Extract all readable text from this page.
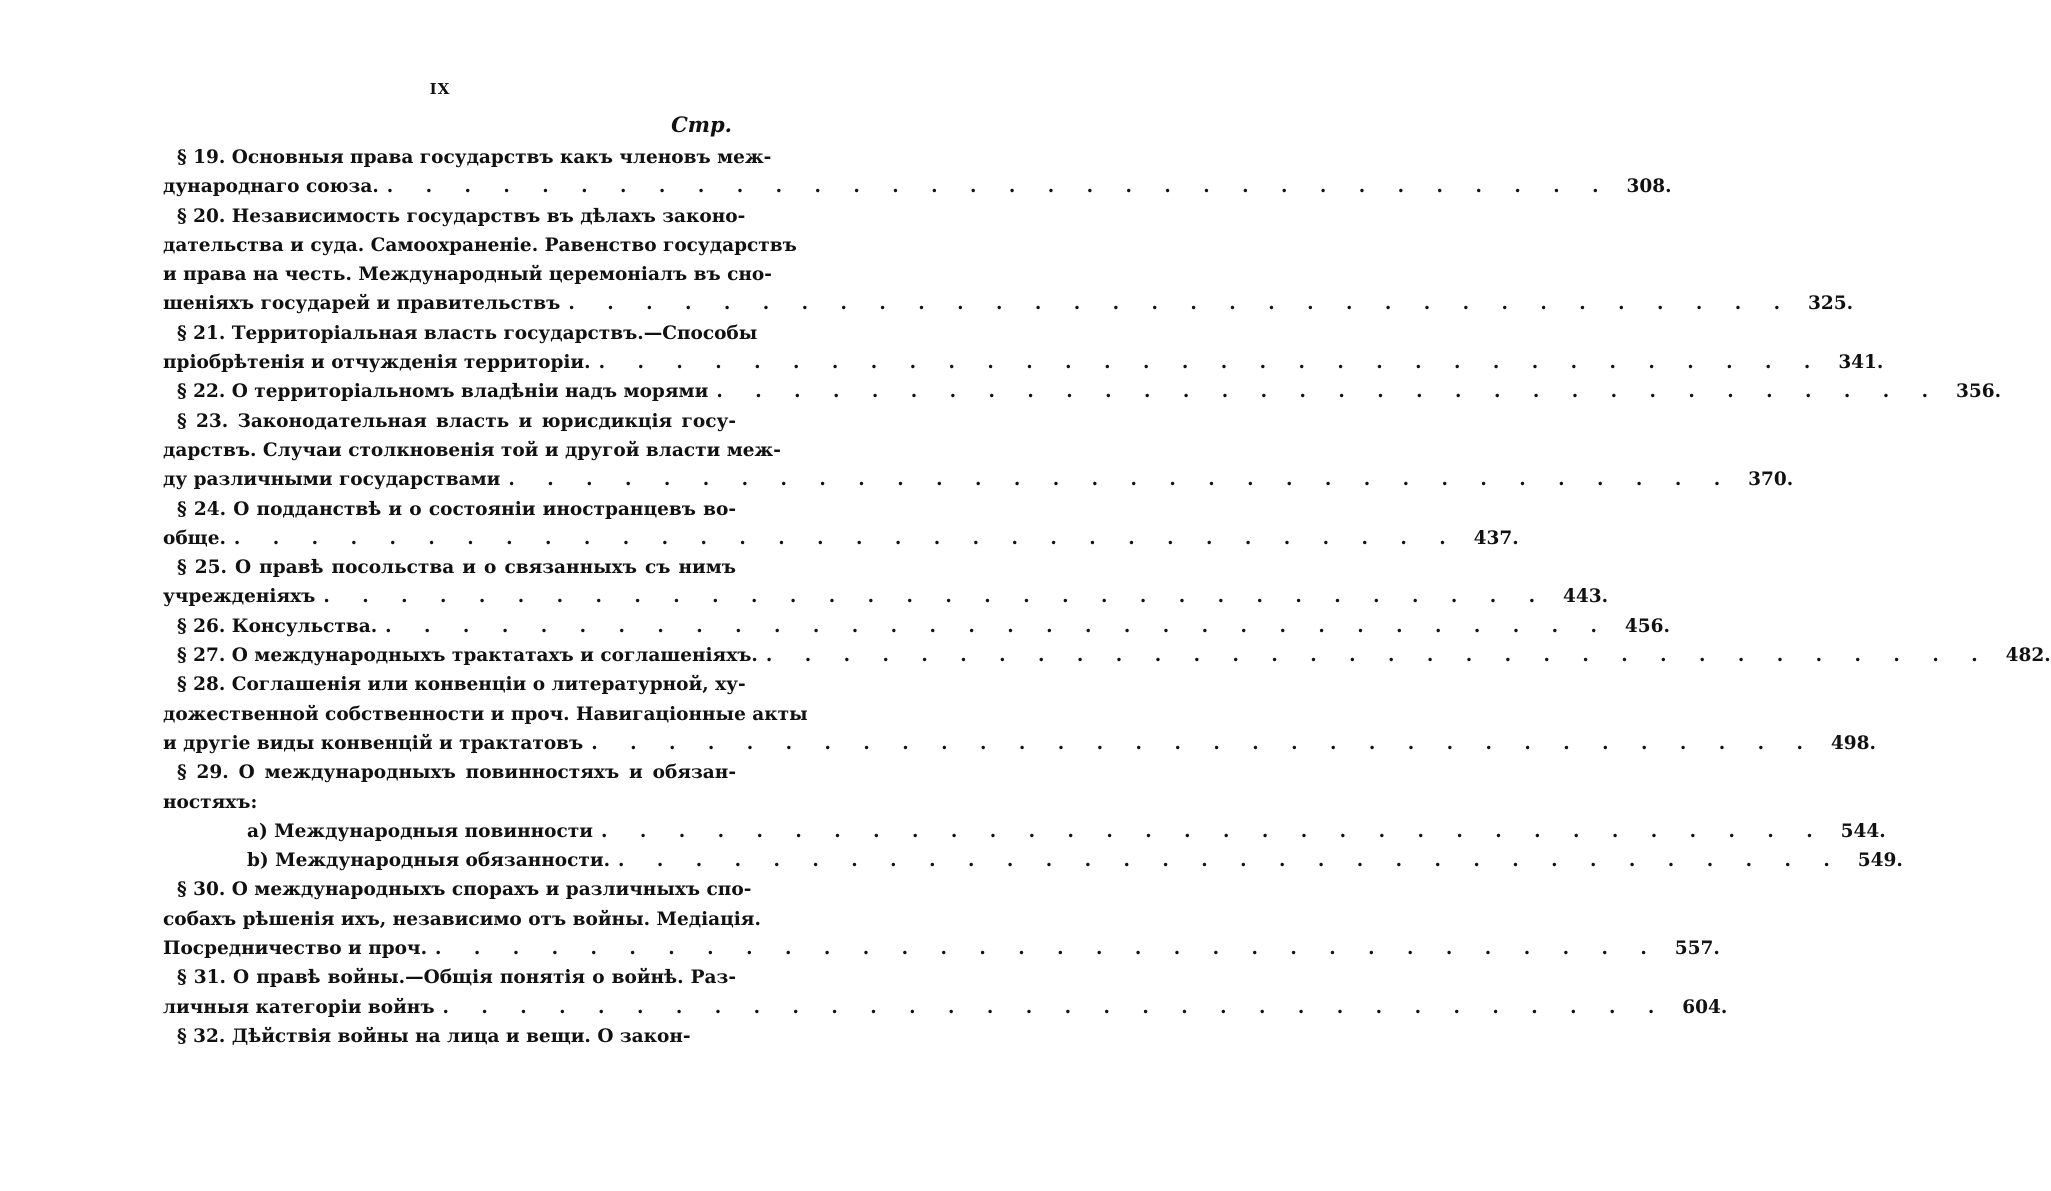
IX
Стр.
§ 19. Основныя права государствъ какъ членовъ меж-
дународнаго союза. . . . . . . . . . . . . . . . . . . . . . . . . . . . . . . . . 308.
§ 20. Независимость государствъ въ дѣлахъ законо-
дательства и суда. Самоохраненіе. Равенство государствъ
и права на честь. Международный церемоніалъ въ сно-
шеніяхъ государей и правительствъ . . . . . . . . . . . . . . . . . . . . . . . . . . . . . . . . 325.
§ 21. Территоріальная власть государствъ.—Способы
пріобрѣтенія и отчужденія территоріи. . . . . . . . . . . . . . . . . . . . . . . . . . . . . . . . . 341.
§ 22. О территоріальномъ владѣніи надъ морями . . . . . . . . . . . . . . . . . . . . . . . . . . . . . . . . 356.
§ 23. Законодательная власть и юрисдикція госу-
дарствъ. Случаи столкновенія той и другой власти меж-
ду различными государствами . . . . . . . . . . . . . . . . . . . . . . . . . . . . . . . . 370.
§ 24. О подданствѣ и о состояніи иностранцевъ во-
обще. . . . . . . . . . . . . . . . . . . . . . . . . . . . . . . . . 437.
§ 25. О правѣ посольства и о связанныхъ съ нимъ
учрежденіяхъ . . . . . . . . . . . . . . . . . . . . . . . . . . . . . . . . 443.
§ 26. Консульства. . . . . . . . . . . . . . . . . . . . . . . . . . . . . . . . . 456.
§ 27. О международныхъ трактатахъ и соглашеніяхъ. . . . . . . . . . . . . . . . . . . . . . . . . . . . . . . . . 482.
§ 28. Соглашенія или конвенціи о литературной, ху-
дожественной собственности и проч. Навигаціонные акты
и другіе виды конвенцій и трактатовъ . . . . . . . . . . . . . . . . . . . . . . . . . . . . . . . . 498.
§ 29. О международныхъ повинностяхъ и обязан-
ностяхъ:
a) Международныя повинности . . . . . . . . . . . . . . . . . . . . . . . . . . . . . . . . 544.
b) Международныя обязанности. . . . . . . . . . . . . . . . . . . . . . . . . . . . . . . . . 549.
§ 30. О международныхъ спорахъ и различныхъ спо-
собахъ рѣшенія ихъ, независимо отъ войны. Медіація.
Посредничество и проч. . . . . . . . . . . . . . . . . . . . . . . . . . . . . . . . . 557.
§ 31. О правѣ войны.—Общія понятія о войнѣ. Раз-
личныя категоріи войнъ . . . . . . . . . . . . . . . . . . . . . . . . . . . . . . . . 604.
§ 32. Дѣйствія войны на лица и вещи. О закон-
